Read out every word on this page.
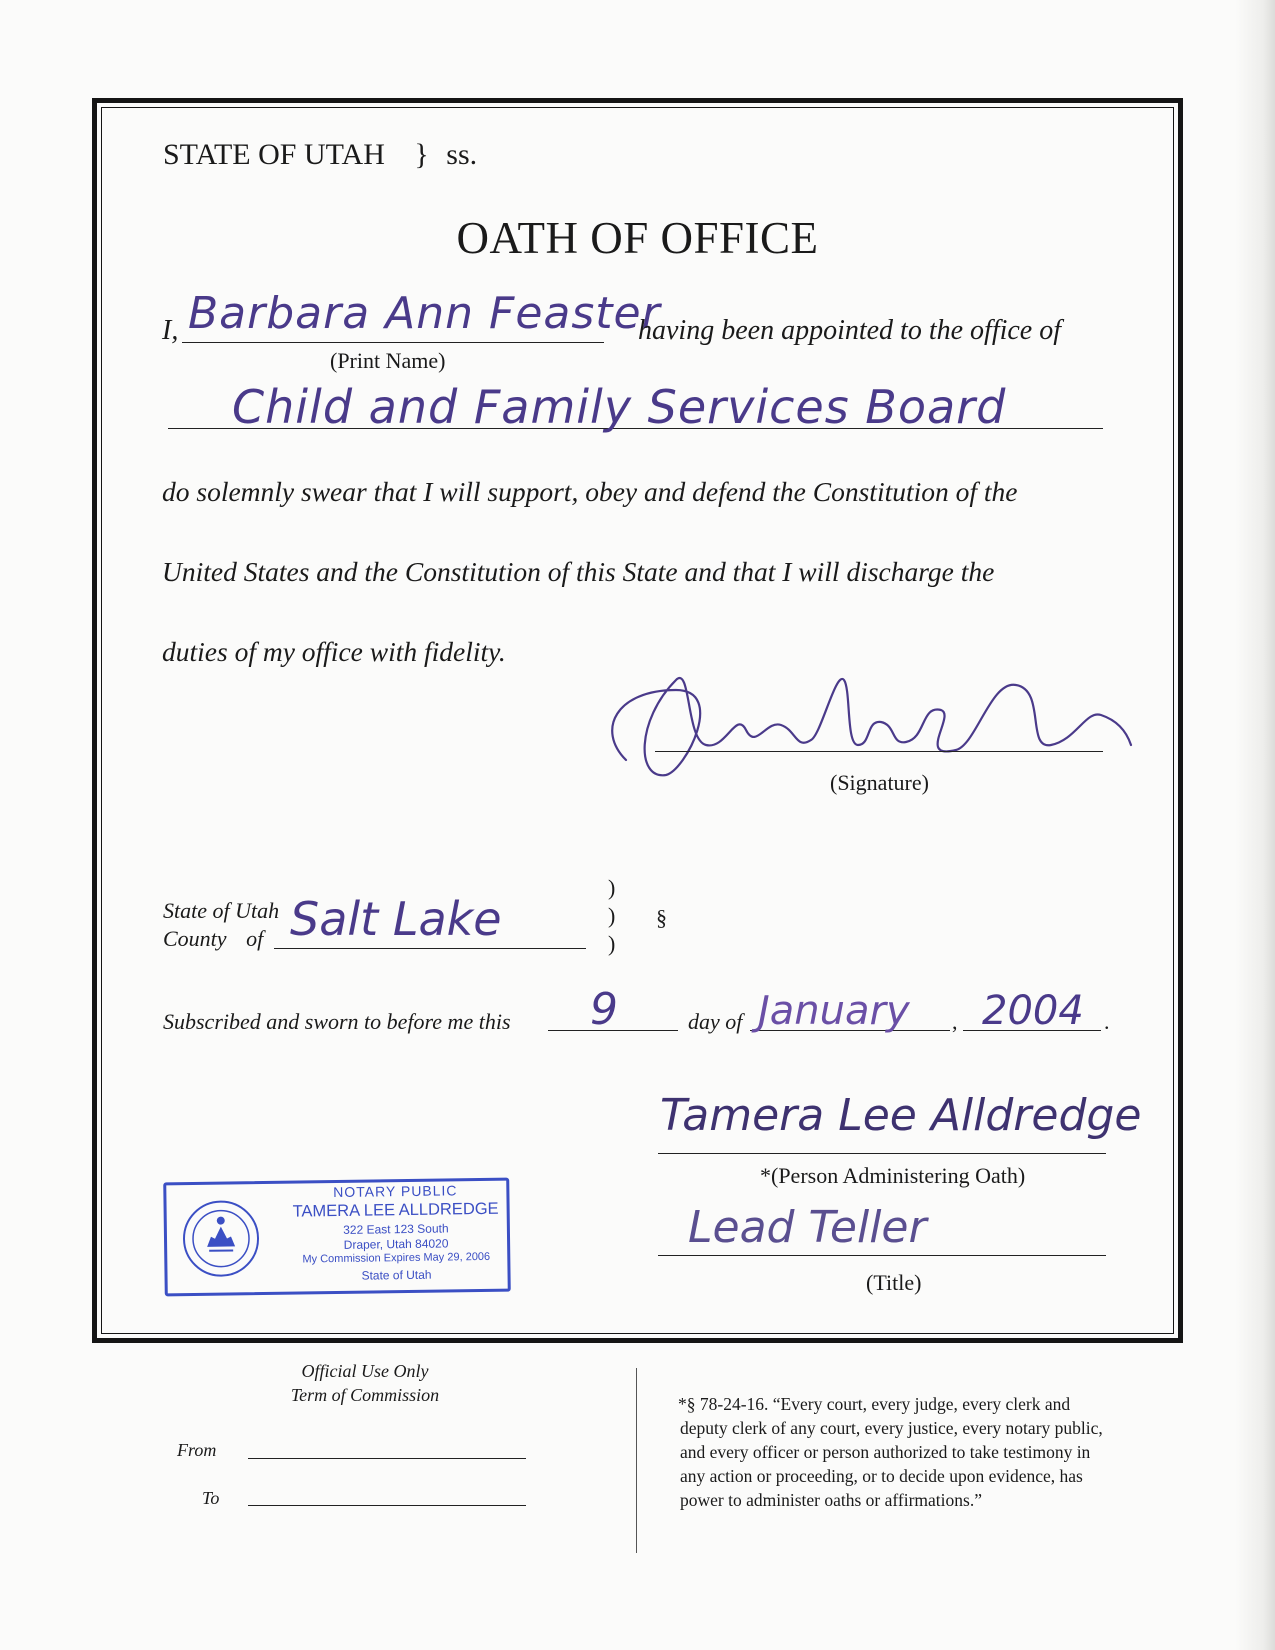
STATE OF UTAH } ss.
OATH OF OFFICE
I, Barbara Ann Feaster
having been appointed to the office of
(Print Name)
Child and Family Services Board
do solemnly swear that I will support, obey and defend the Constitution of the
United States and the Constitution of this State and that I will discharge the
duties of my office with fidelity.
(Signature)
State of Utah
County of Salt Lake
)
)
)
§
Subscribed and sworn to before me this 9	day of January , 2004 .
Tamera Lee Alldredge
*(Person Administering Oath)
Lead Teller
(Title)
NOTARY PUBLIC
TAMERA LEE ALLDREDGE
322 East 123 South
Draper, Utah 84020
My Commission Expires May 29, 2006
State of Utah
Official Use Only
Term of Commission
From
To
*§ 78-24-16. “Every court, every judge, every clerk and
deputy clerk of any court, every justice, every notary public,
and every officer or person authorized to take testimony in
any action or proceeding, or to decide upon evidence, has
power to administer oaths or affirmations.”
